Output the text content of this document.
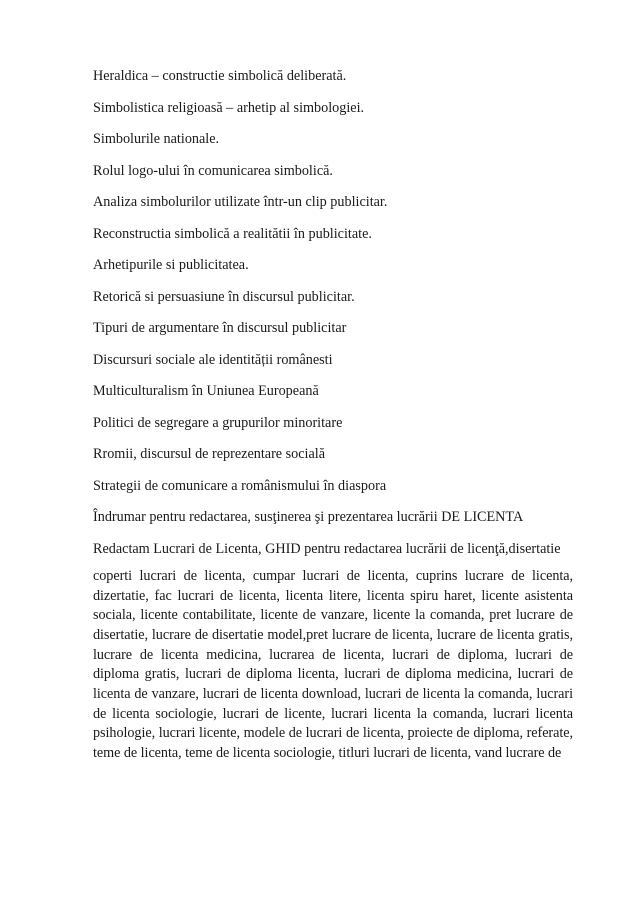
Heraldica – constructie simbolică deliberată.

Simbolistica religioasă – arhetip al simbologiei.

Simbolurile nationale.

Rolul logo-ului în comunicarea simbolică.

Analiza simbolurilor utilizate într-un clip publicitar.

Reconstructia simbolică a realitătii în publicitate.

Arhetipurile si publicitatea.

Retorică si persuasiune în discursul publicitar.

Tipuri de argumentare în discursul publicitar

Discursuri sociale ale identității românesti

Multiculturalism în Uniunea Europeană

Politici de segregare a grupurilor minoritare

Rromii, discursul de reprezentare socială

Strategii de comunicare a românismului în diaspora

Îndrumar pentru redactarea, susţinerea şi prezentarea lucrării DE LICENTA

Redactam Lucrari de Licenta, GHID pentru redactarea lucrării de licenţă,disertatie

coperti lucrari de licenta, cumpar lucrari de licenta, cuprins lucrare de licenta, dizertatie, fac lucrari de licenta, licenta litere, licenta spiru haret, licente asistenta sociala, licente contabilitate, licente de vanzare, licente la comanda, pret lucrare de disertatie, lucrare de disertatie model,pret lucrare de licenta, lucrare de licenta gratis, lucrare de licenta medicina, lucrarea de licenta, lucrari de diploma, lucrari de diploma gratis, lucrari de diploma licenta, lucrari de diploma medicina, lucrari de licenta de vanzare, lucrari de licenta download, lucrari de licenta la comanda, lucrari de licenta sociologie, lucrari de licente, lucrari licenta la comanda, lucrari licenta psihologie, lucrari licente, modele de lucrari de licenta, proiecte de diploma, referate, teme de licenta, teme de licenta sociologie, titluri lucrari de licenta, vand lucrare de
